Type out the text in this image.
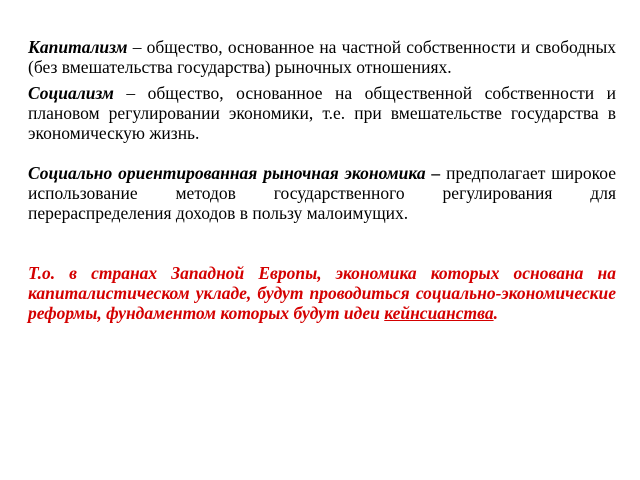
Капитализм – общество, основанное на частной собственности и свободных (без вмешательства государства) рыночных отношениях.

Социализм – общество, основанное на общественной собственности и плановом регулировании экономики, т.е. при вмешательстве государства в экономическую жизнь.

Социально ориентированная рыночная экономика – предполагает широкое использование методов государственного регулирования для перераспределения доходов в пользу малоимущих.

Т.о. в странах Западной Европы, экономика которых основана на капиталистическом укладе, будут проводиться социально-экономические реформы, фундаментом которых будут идеи кейнсианства.
